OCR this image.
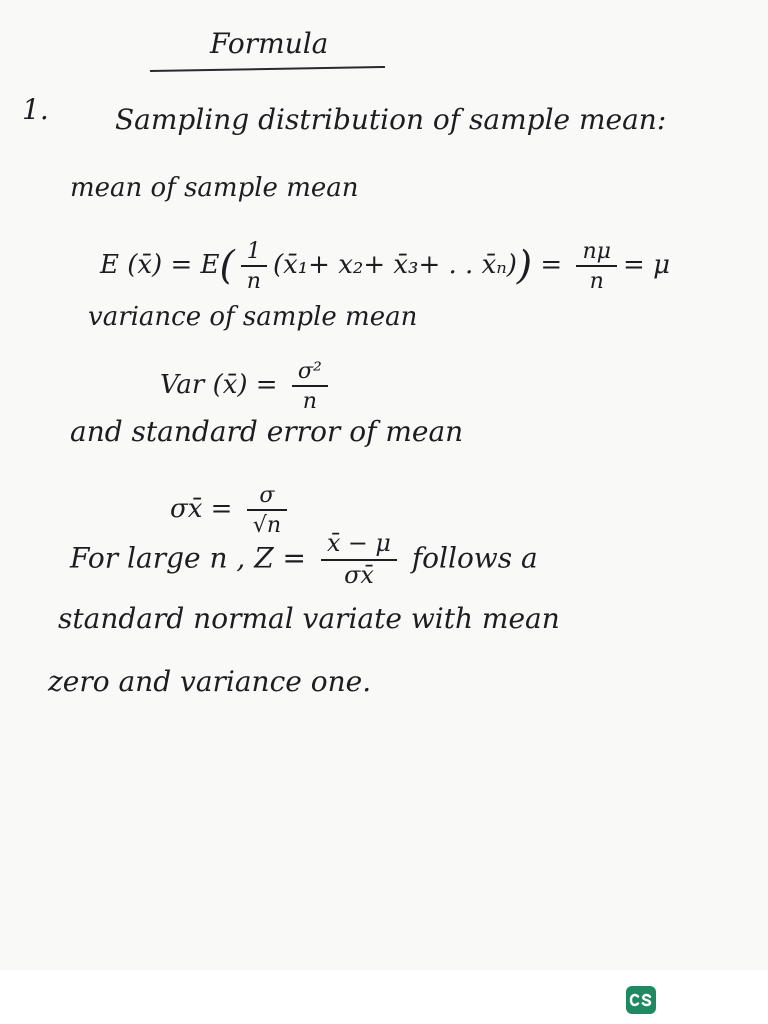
Formula
1. Sampling distribution of sample mean:
mean of sample mean
E (x̄) = $E( \frac{1}{n}$ (x̄₁+ x₂+ x̄₃+ . . x̄ₙ)) = $\frac{n\mu}{n} = \mu$
variance of sample mean
Var (x̄) = $\frac{\text{σ²}}{n}$
and standard error of mean
σx̄ = $\frac{\sigma}{√n}$
For large n , $Z = \frac{x̄ - \mu}{\sigma x̄}$ follows a
standard normal variate with mean
zero and variance one.
